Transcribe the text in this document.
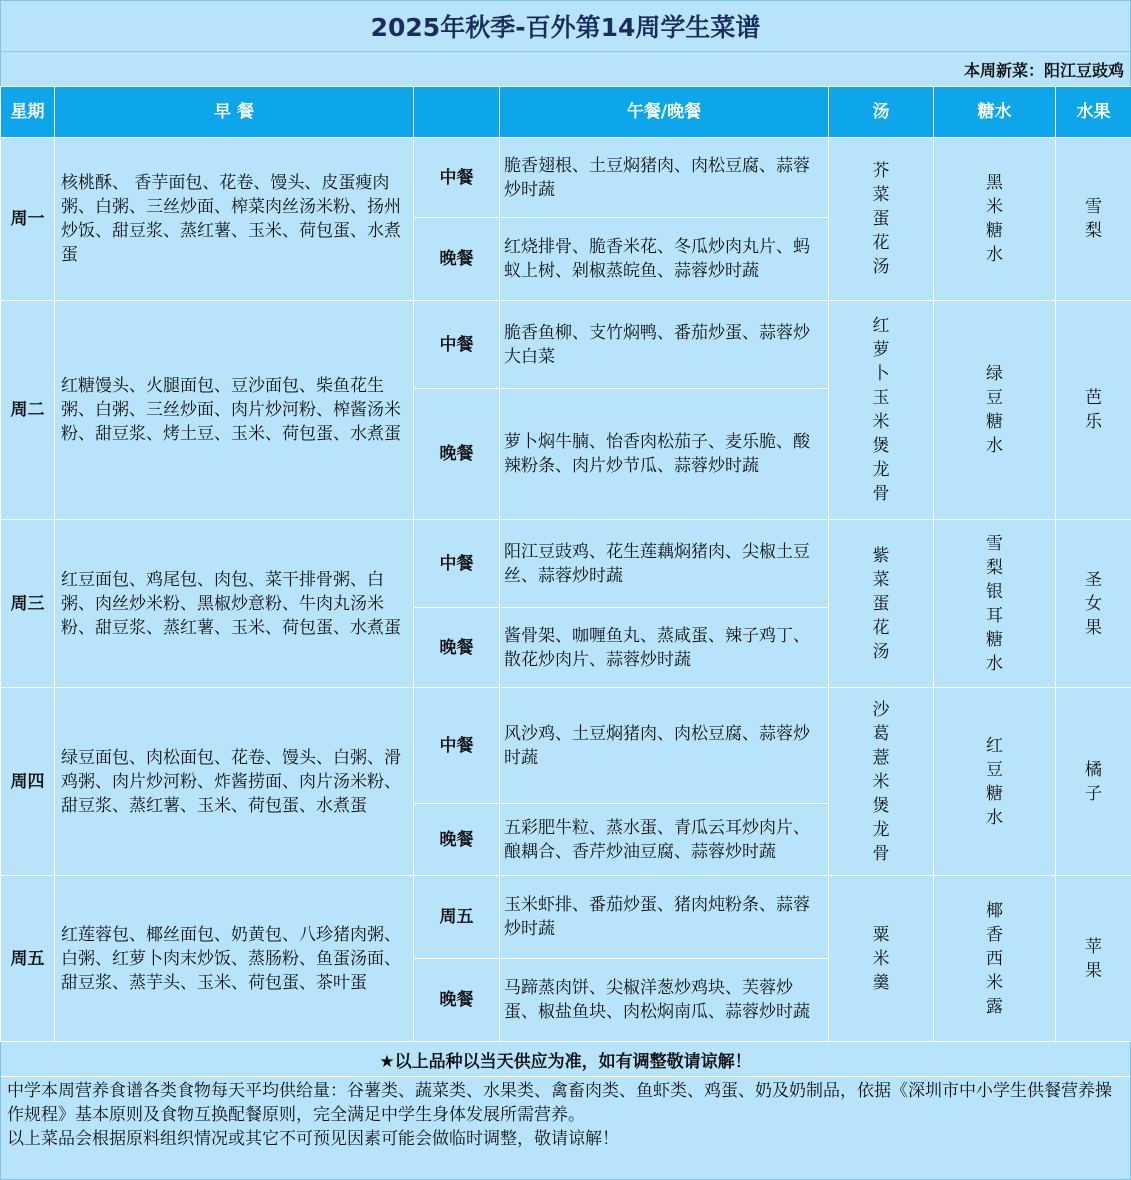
2025年秋季-百外第14周学生菜谱
本周新菜：阳江豆豉鸡
星期	早 餐		午餐/晚餐	汤	糖水	水果
周一	核桃酥、 香芋面包、花卷、馒头、皮蛋瘦肉粥、白粥、三丝炒面、榨菜肉丝汤米粉、扬州炒饭、甜豆浆、蒸红薯、玉米、荷包蛋、水煮蛋	中餐	脆香翅根、土豆焖猪肉、肉松豆腐、蒜蓉炒时蔬	芥菜蛋花汤	黑米糖水	雪梨

		晚餐	红烧排骨、脆香米花、冬瓜炒肉丸片、蚂蚁上树、剁椒蒸皖鱼、蒜蓉炒时蔬			
周二	红糖馒头、火腿面包、豆沙面包、柴鱼花生粥、白粥、三丝炒面、肉片炒河粉、榨酱汤米粉、甜豆浆、烤土豆、玉米、荷包蛋、水煮蛋	中餐	脆香鱼柳、支竹焖鸭、番茄炒蛋、蒜蓉炒大白菜	红萝卜玉米煲龙骨	绿豆糖水	芭乐

		晚餐	萝卜焖牛腩、怡香肉松茄子、麦乐脆、酸辣粉条、肉片炒节瓜、蒜蓉炒时蔬			
周三	红豆面包、鸡尾包、肉包、菜干排骨粥、白粥、肉丝炒米粉、黑椒炒意粉、牛肉丸汤米粉、甜豆浆、蒸红薯、玉米、荷包蛋、水煮蛋	中餐	阳江豆豉鸡、花生莲藕焖猪肉、尖椒土豆丝、蒜蓉炒时蔬	紫菜蛋花汤	雪梨银耳糖水	圣女果

		晚餐	酱骨架、咖喱鱼丸、蒸咸蛋、辣子鸡丁、散花炒肉片、蒜蓉炒时蔬			
周四	绿豆面包、肉松面包、花卷、馒头、白粥、滑鸡粥、肉片炒河粉、炸酱捞面、肉片汤米粉、甜豆浆、蒸红薯、玉米、荷包蛋、水煮蛋	中餐	风沙鸡、土豆焖猪肉、肉松豆腐、蒜蓉炒时蔬	沙葛薏米煲龙骨	红豆糖水	橘子

		晚餐	五彩肥牛粒、蒸水蛋、青瓜云耳炒肉片、酿耦合、香芹炒油豆腐、蒜蓉炒时蔬			
周五	红莲蓉包、椰丝面包、奶黄包、八珍猪肉粥、白粥、红萝卜肉末炒饭、蒸肠粉、鱼蛋汤面、甜豆浆、蒸芋头、玉米、荷包蛋、茶叶蛋	周五	玉米虾排、番茄炒蛋、猪肉炖粉条、蒜蓉炒时蔬	粟米羹	椰香西米露	苹果

		晚餐	马蹄蒸肉饼、尖椒洋葱炒鸡块、芙蓉炒蛋、椒盐鱼块、肉松焖南瓜、蒜蓉炒时蔬			
★以上品种以当天供应为准，如有调整敬请谅解！
中学本周营养食谱各类食物每天平均供给量：谷薯类、蔬菜类、水果类、禽畜肉类、鱼虾类、鸡蛋、奶及奶制品，依据《深圳市中小学生供餐营养操作规程》基本原则及食物互换配餐原则，完全满足中学生身体发展所需营养。
以上菜品会根据原料组织情况或其它不可预见因素可能会做临时调整，敬请谅解！
